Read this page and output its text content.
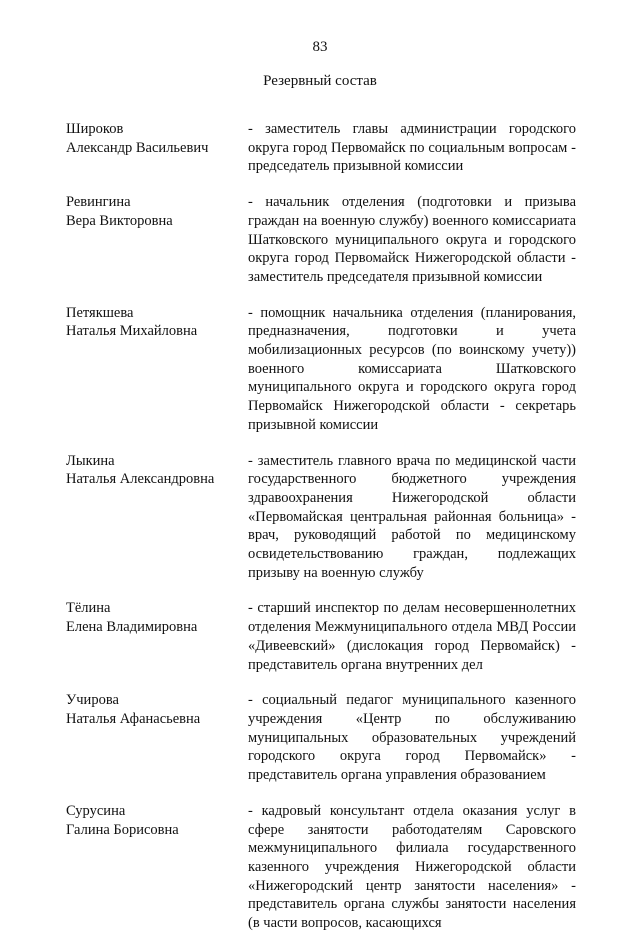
83
Резервный состав
Широков
Александр Васильевич
- заместитель главы администрации городского округа город Первомайск по социальным вопросам - председатель призывной комиссии
Ревингина
Вера Викторовна
- начальник отделения (подготовки и призыва граждан на военную службу) военного комиссариата Шатковского муниципального округа и городского округа город Первомайск Нижегородской области - заместитель председателя призывной комиссии
Петякшева
Наталья Михайловна
- помощник начальника отделения (планирования, предназначения, подготовки и учета мобилизационных ресурсов (по воинскому учету)) военного комиссариата Шатковского муниципального округа и городского округа город Первомайск Нижегородской области - секретарь призывной комиссии
Лыкина
Наталья Александровна
- заместитель главного врача по медицинской части государственного бюджетного учреждения здравоохранения Нижегородской области «Первомайская центральная районная больница» - врач, руководящий работой по медицинскому освидетельствованию граждан, подлежащих призыву на военную службу
Тёлина
Елена Владимировна
- старший инспектор по делам несовершеннолетних отделения Межмуниципального отдела МВД России «Дивеевский» (дислокация город Первомайск) - представитель органа внутренних дел
Учирова
Наталья Афанасьевна
- социальный педагог муниципального казенного учреждения «Центр по обслуживанию муниципальных образовательных учреждений городского округа город Первомайск» - представитель органа управления образованием
Сурусина
Галина Борисовна
- кадровый консультант отдела оказания услуг в сфере занятости работодателям Саровского межмуниципального филиала государственного казенного учреждения Нижегородской области «Нижегородский центр занятости населения» - представитель органа службы занятости населения (в части вопросов, касающихся
